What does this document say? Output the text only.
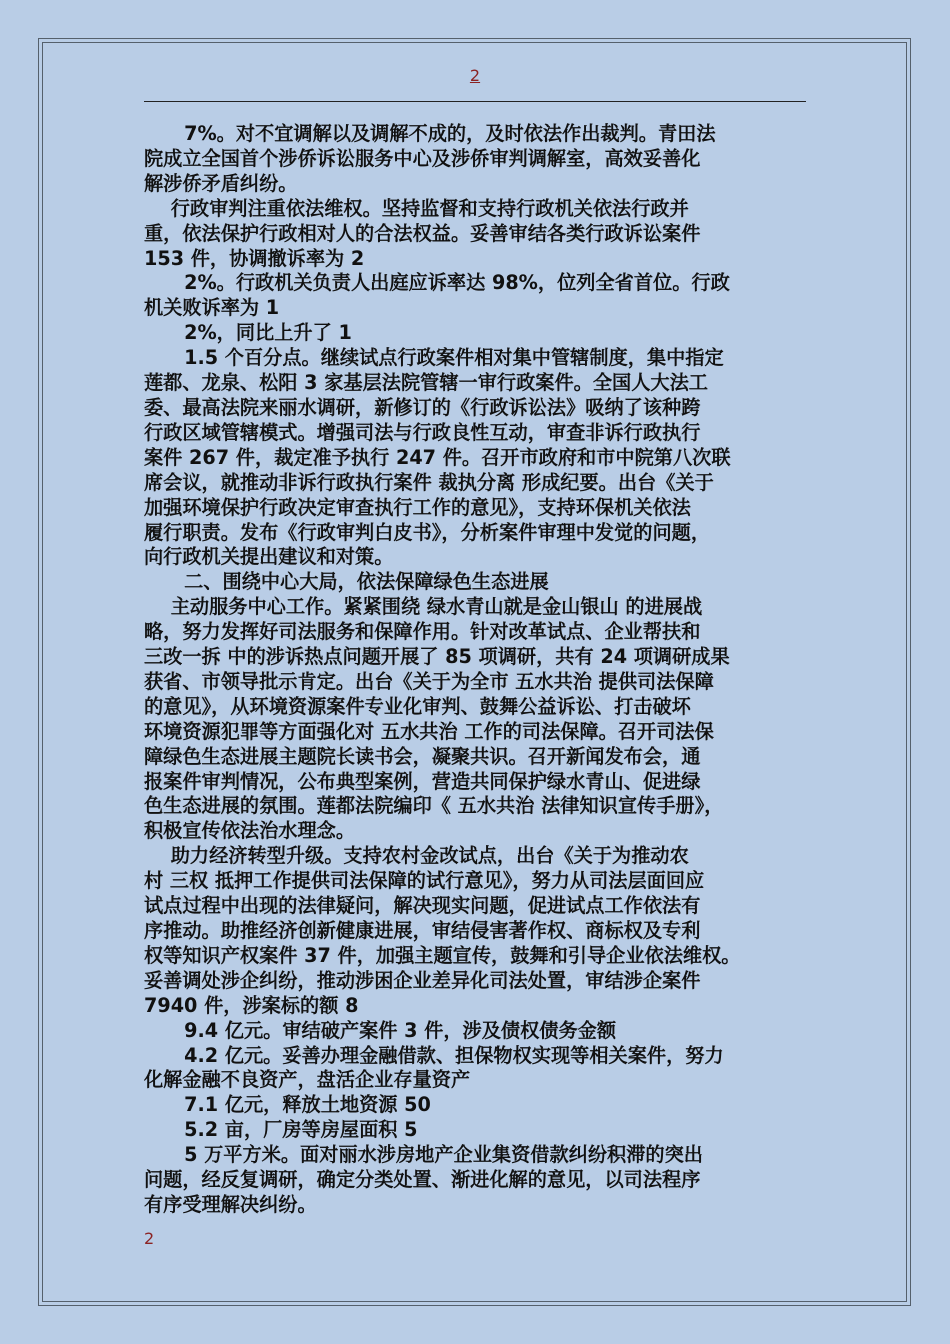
2

7%。对不宜调解以及调解不成的，及时依法作出裁判。青田法

院成立全国首个涉侨诉讼服务中心及涉侨审判调解室，高效妥善化

解涉侨矛盾纠纷。

行政审判注重依法维权。坚持监督和支持行政机关依法行政并

重，依法保护行政相对人的合法权益。妥善审结各类行政诉讼案件

153 件，协调撤诉率为 2

2%。行政机关负责人出庭应诉率达 98%，位列全省首位。行政

机关败诉率为 1

2%，同比上升了 1

1.5 个百分点。继续试点行政案件相对集中管辖制度，集中指定

莲都、龙泉、松阳 3 家基层法院管辖一审行政案件。全国人大法工

委、最高法院来丽水调研，新修订的《行政诉讼法》吸纳了该种跨

行政区域管辖模式。增强司法与行政良性互动，审查非诉行政执行

案件 267 件，裁定准予执行 247 件。召开市政府和市中院第八次联

席会议，就推动非诉行政执行案件 裁执分离 形成纪要。出台《关于

加强环境保护行政决定审查执行工作的意见》，支持环保机关依法

履行职责。发布《行政审判白皮书》，分析案件审理中发觉的问题，

向行政机关提出建议和对策。

二、围绕中心大局，依法保障绿色生态进展

主动服务中心工作。紧紧围绕 绿水青山就是金山银山 的进展战

略，努力发挥好司法服务和保障作用。针对改革试点、企业帮扶和

三改一拆 中的涉诉热点问题开展了 85 项调研，共有 24 项调研成果

获省、市领导批示肯定。出台《关于为全市 五水共治 提供司法保障

的意见》，从环境资源案件专业化审判、鼓舞公益诉讼、打击破坏

环境资源犯罪等方面强化对 五水共治 工作的司法保障。召开司法保

障绿色生态进展主题院长读书会，凝聚共识。召开新闻发布会，通

报案件审判情况，公布典型案例，营造共同保护绿水青山、促进绿

色生态进展的氛围。莲都法院编印《 五水共治 法律知识宣传手册》，

积极宣传依法治水理念。

助力经济转型升级。支持农村金改试点，出台《关于为推动农

村 三权 抵押工作提供司法保障的试行意见》，努力从司法层面回应

试点过程中出现的法律疑问，解决现实问题，促进试点工作依法有

序推动。助推经济创新健康进展，审结侵害著作权、商标权及专利

权等知识产权案件 37 件，加强主题宣传，鼓舞和引导企业依法维权。

妥善调处涉企纠纷，推动涉困企业差异化司法处置，审结涉企案件

7940 件，涉案标的额 8

9.4 亿元。审结破产案件 3 件，涉及债权债务金额

4.2 亿元。妥善办理金融借款、担保物权实现等相关案件，努力

化解金融不良资产，盘活企业存量资产

7.1 亿元，释放土地资源 50

5.2 亩，厂房等房屋面积 5

5 万平方米。面对丽水涉房地产企业集资借款纠纷积滞的突出

问题，经反复调研，确定分类处置、渐进化解的意见，以司法程序

有序受理解决纠纷。

2
